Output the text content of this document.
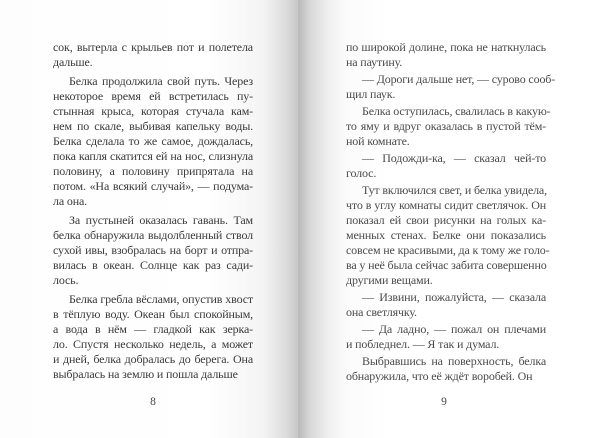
сок, вытерла с крыльев пот и полетела
дальше.
Белка продолжила свой путь. Через
некоторое время ей встретилась пу-
стынная крыса, которая стучала кам-
нем по скале, выбивая капельку воды.
Белка сделала то же самое, дождалась,
пока капля скатится ей на нос, слизнула
половину, а половину припрятала на
потом. «На всякий случай», — подума-
ла она.
За пустыней оказалась гавань. Там
белка обнаружила выдолбленный ствол
сухой ивы, взобралась на борт и отпра-
вилась в океан. Солнце как раз сади-
лось.
Белка гребла вёслами, опустив хвост
в тёплую воду. Океан был спокойным,
а вода в нём — гладкой как зерка-
ло. Спустя несколько недель, а может
и дней, белка добралась до берега. Она
выбралась на землю и пошла дальше
8
по широкой долине, пока не наткнулась
на паутину.
— Дороги дальше нет, — сурово сооб-
щил паук.
Белка оступилась, свалилась в какую-
то яму и вдруг оказалась в пустой тём-
ной комнате.
— Подожди-ка, — сказал чей-то
голос.
Тут включился свет, и белка увидела,
что в углу комнаты сидит светлячок. Он
показал ей свои рисунки на голых ка-
менных стенах. Белке они показались
совсем не красивыми, да к тому же голо-
ва у неё была сейчас забита совершенно
другими вещами.
— Извини, пожалуйста, — сказала
она светлячку.
— Да ладно, — пожал он плечами
и побледнел. — Я так и думал.
Выбравшись на поверхность, белка
обнаружила, что её ждёт воробей. Он
9
